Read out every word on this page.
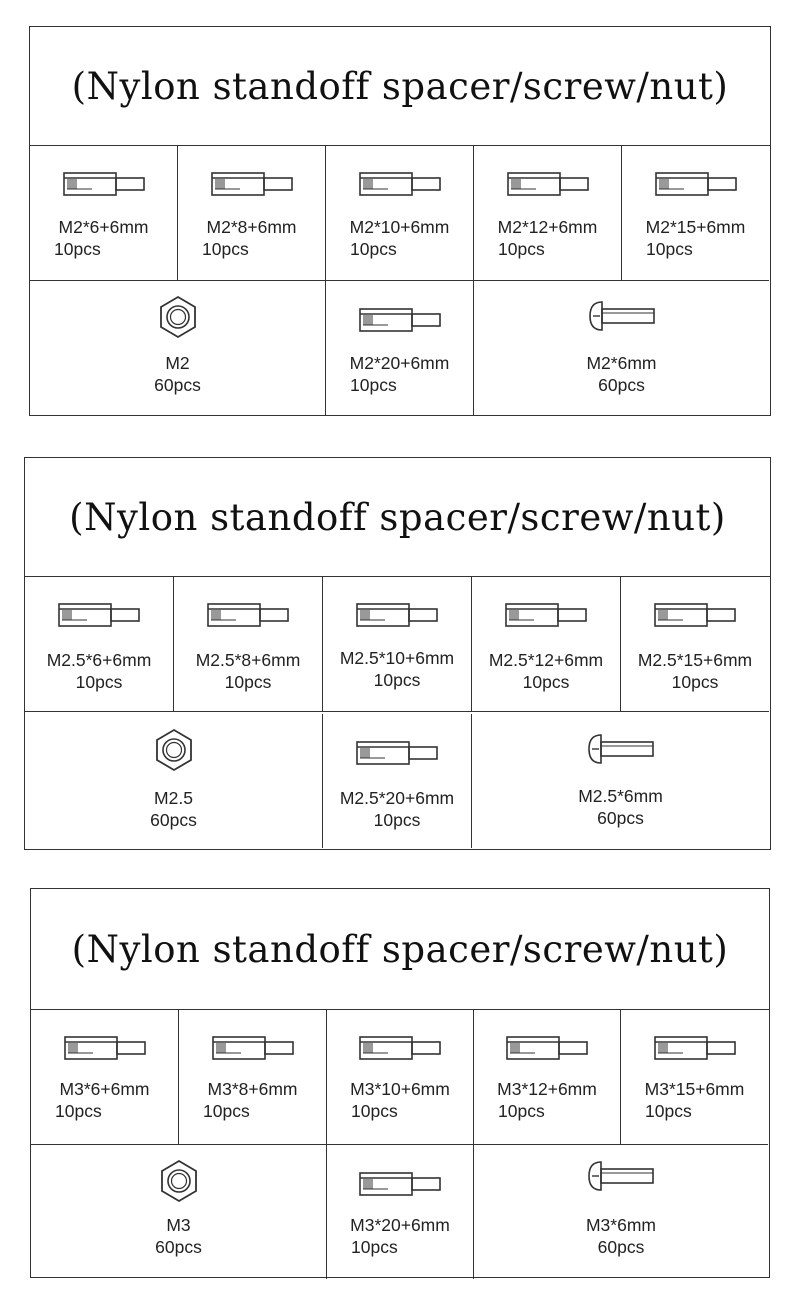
(Nylon standoff spacer/screw/nut)
M2*6+6mm
10pcs
M2*8+6mm
10pcs
M2*10+6mm
10pcs
M2*12+6mm
10pcs
M2*15+6mm
10pcs
M2
60pcs
M2*20+6mm
10pcs
M2*6mm
60pcs
(Nylon standoff spacer/screw/nut)
M2.5*6+6mm
10pcs
M2.5*8+6mm
10pcs
M2.5*10+6mm
10pcs
M2.5*12+6mm
10pcs
M2.5*15+6mm
10pcs
M2.5
60pcs
M2.5*20+6mm
10pcs
M2.5*6mm
60pcs
(Nylon standoff spacer/screw/nut)
M3*6+6mm
10pcs
M3*8+6mm
10pcs
M3*10+6mm
10pcs
M3*12+6mm
10pcs
M3*15+6mm
10pcs
M3
60pcs
M3*20+6mm
10pcs
M3*6mm
60pcs
